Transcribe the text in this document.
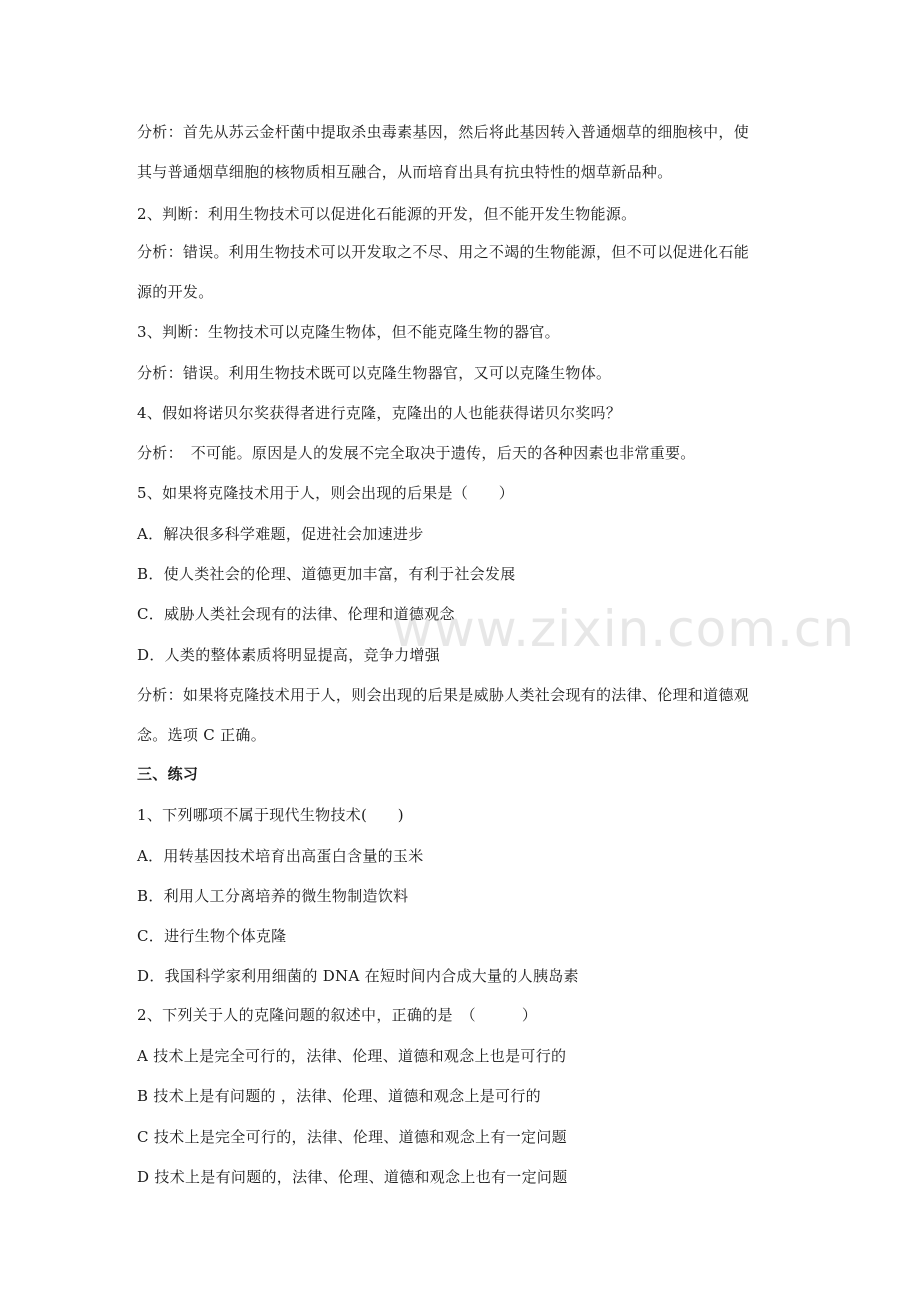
www.zixin.com.cn
分析：首先从苏云金杆菌中提取杀虫毒素基因，然后将此基因转入普通烟草的细胞核中，使
其与普通烟草细胞的核物质相互融合，从而培育出具有抗虫特性的烟草新品种。
2、判断：利用生物技术可以促进化石能源的开发，但不能开发生物能源。
分析：错误。利用生物技术可以开发取之不尽、用之不竭的生物能源，但不可以促进化石能
源的开发。
3、判断：生物技术可以克隆生物体，但不能克隆生物的器官。
分析：错误。利用生物技术既可以克隆生物器官，又可以克隆生物体。
4、假如将诺贝尔奖获得者进行克隆，克隆出的人也能获得诺贝尔奖吗？
分析：　不可能。原因是人的发展不完全取决于遗传，后天的各种因素也非常重要。
5、如果将克隆技术用于人，则会出现的后果是（　　）
A．解决很多科学难题，促进社会加速进步
B．使人类社会的伦理、道德更加丰富，有利于社会发展
C．威胁人类社会现有的法律、伦理和道德观念
D．人类的整体素质将明显提高，竞争力增强
分析：如果将克隆技术用于人，则会出现的后果是威胁人类社会现有的法律、伦理和道德观
念。选项 C 正确。
三、练习
1、下列哪项不属于现代生物技术(　　)
A．用转基因技术培育出高蛋白含量的玉米
B．利用人工分离培养的微生物制造饮料
C．进行生物个体克隆
D．我国科学家利用细菌的 DNA 在短时间内合成大量的人胰岛素
2、下列关于人的克隆问题的叙述中，正确的是　（　　　）
A 技术上是完全可行的，法律、伦理、道德和观念上也是可行的
B 技术上是有问题的 ，法律、伦理、道德和观念上是可行的
C 技术上是完全可行的，法律、伦理、道德和观念上有一定问题
D 技术上是有问题的，法律、伦理、道德和观念上也有一定问题
